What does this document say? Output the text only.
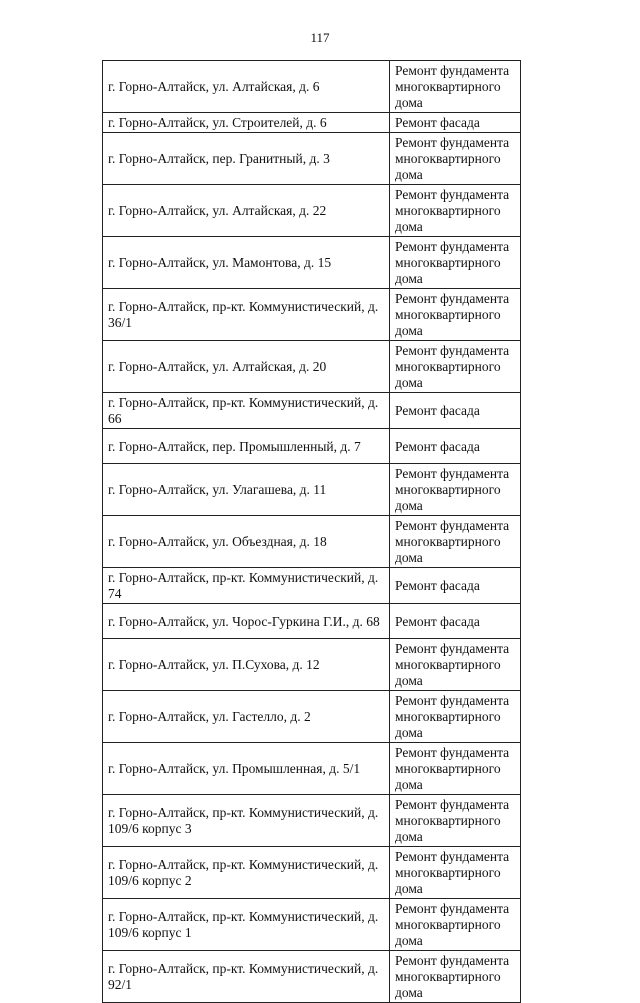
117
г. Горно-Алтайск, ул. Алтайская, д. 6	Ремонт фундамента многоквартирного дома
г. Горно-Алтайск, ул. Строителей, д. 6	Ремонт фасада
г. Горно-Алтайск, пер. Гранитный, д. 3	Ремонт фундамента многоквартирного дома
г. Горно-Алтайск, ул. Алтайская, д. 22	Ремонт фундамента многоквартирного дома
г. Горно-Алтайск, ул. Мамонтова, д. 15	Ремонт фундамента многоквартирного дома
г. Горно-Алтайск, пр-кт. Коммунистический, д. 36/1	Ремонт фундамента многоквартирного дома
г. Горно-Алтайск, ул. Алтайская, д. 20	Ремонт фундамента многоквартирного дома
г. Горно-Алтайск, пр-кт. Коммунистический, д. 66	Ремонт фасада
г. Горно-Алтайск, пер. Промышленный, д. 7	Ремонт фасада
г. Горно-Алтайск, ул. Улагашева, д. 11	Ремонт фундамента многоквартирного дома
г. Горно-Алтайск, ул. Объездная, д. 18	Ремонт фундамента многоквартирного дома
г. Горно-Алтайск, пр-кт. Коммунистический, д. 74	Ремонт фасада
г. Горно-Алтайск, ул. Чорос-Гуркина Г.И., д. 68	Ремонт фасада
г. Горно-Алтайск, ул. П.Сухова, д. 12	Ремонт фундамента многоквартирного дома
г. Горно-Алтайск, ул. Гастелло, д. 2	Ремонт фундамента многоквартирного дома
г. Горно-Алтайск, ул. Промышленная, д. 5/1	Ремонт фундамента многоквартирного дома
г. Горно-Алтайск, пр-кт. Коммунистический, д. 109/6 корпус 3	Ремонт фундамента многоквартирного дома
г. Горно-Алтайск, пр-кт. Коммунистический, д. 109/6 корпус 2	Ремонт фундамента многоквартирного дома
г. Горно-Алтайск, пр-кт. Коммунистический, д. 109/6 корпус 1	Ремонт фундамента многоквартирного дома
г. Горно-Алтайск, пр-кт. Коммунистический, д. 92/1	Ремонт фундамента многоквартирного дома
